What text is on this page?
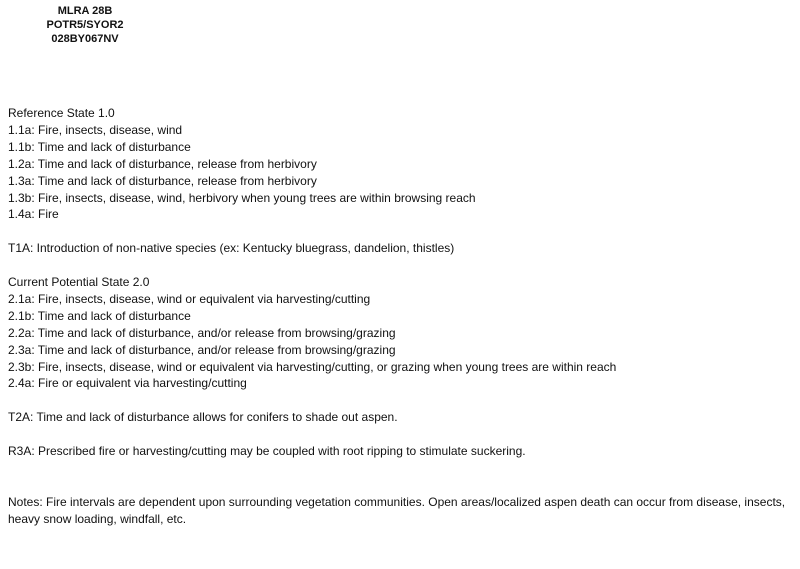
MLRA 28B
POTR5/SYOR2
028BY067NV
Reference State 1.0
1.1a: Fire, insects, disease, wind
1.1b: Time and lack of disturbance
1.2a: Time and lack of disturbance, release from herbivory
1.3a: Time and lack of disturbance, release from herbivory
1.3b: Fire, insects, disease, wind, herbivory when young trees are within browsing reach
1.4a: Fire
T1A: Introduction of non-native species (ex: Kentucky bluegrass, dandelion, thistles)
Current Potential State 2.0
2.1a: Fire, insects, disease, wind or equivalent via harvesting/cutting
2.1b: Time and lack of disturbance
2.2a: Time and lack of disturbance, and/or release from browsing/grazing
2.3a: Time and lack of disturbance, and/or release from browsing/grazing
2.3b: Fire, insects, disease, wind or equivalent via harvesting/cutting, or grazing when young trees are within reach
2.4a: Fire or equivalent via harvesting/cutting
T2A: Time and lack of disturbance allows for conifers to shade out aspen.
R3A: Prescribed fire or harvesting/cutting may be coupled with root ripping to stimulate suckering.
Notes: Fire intervals are dependent upon surrounding vegetation communities. Open areas/localized aspen death can occur from disease, insects, heavy snow loading, windfall, etc.
